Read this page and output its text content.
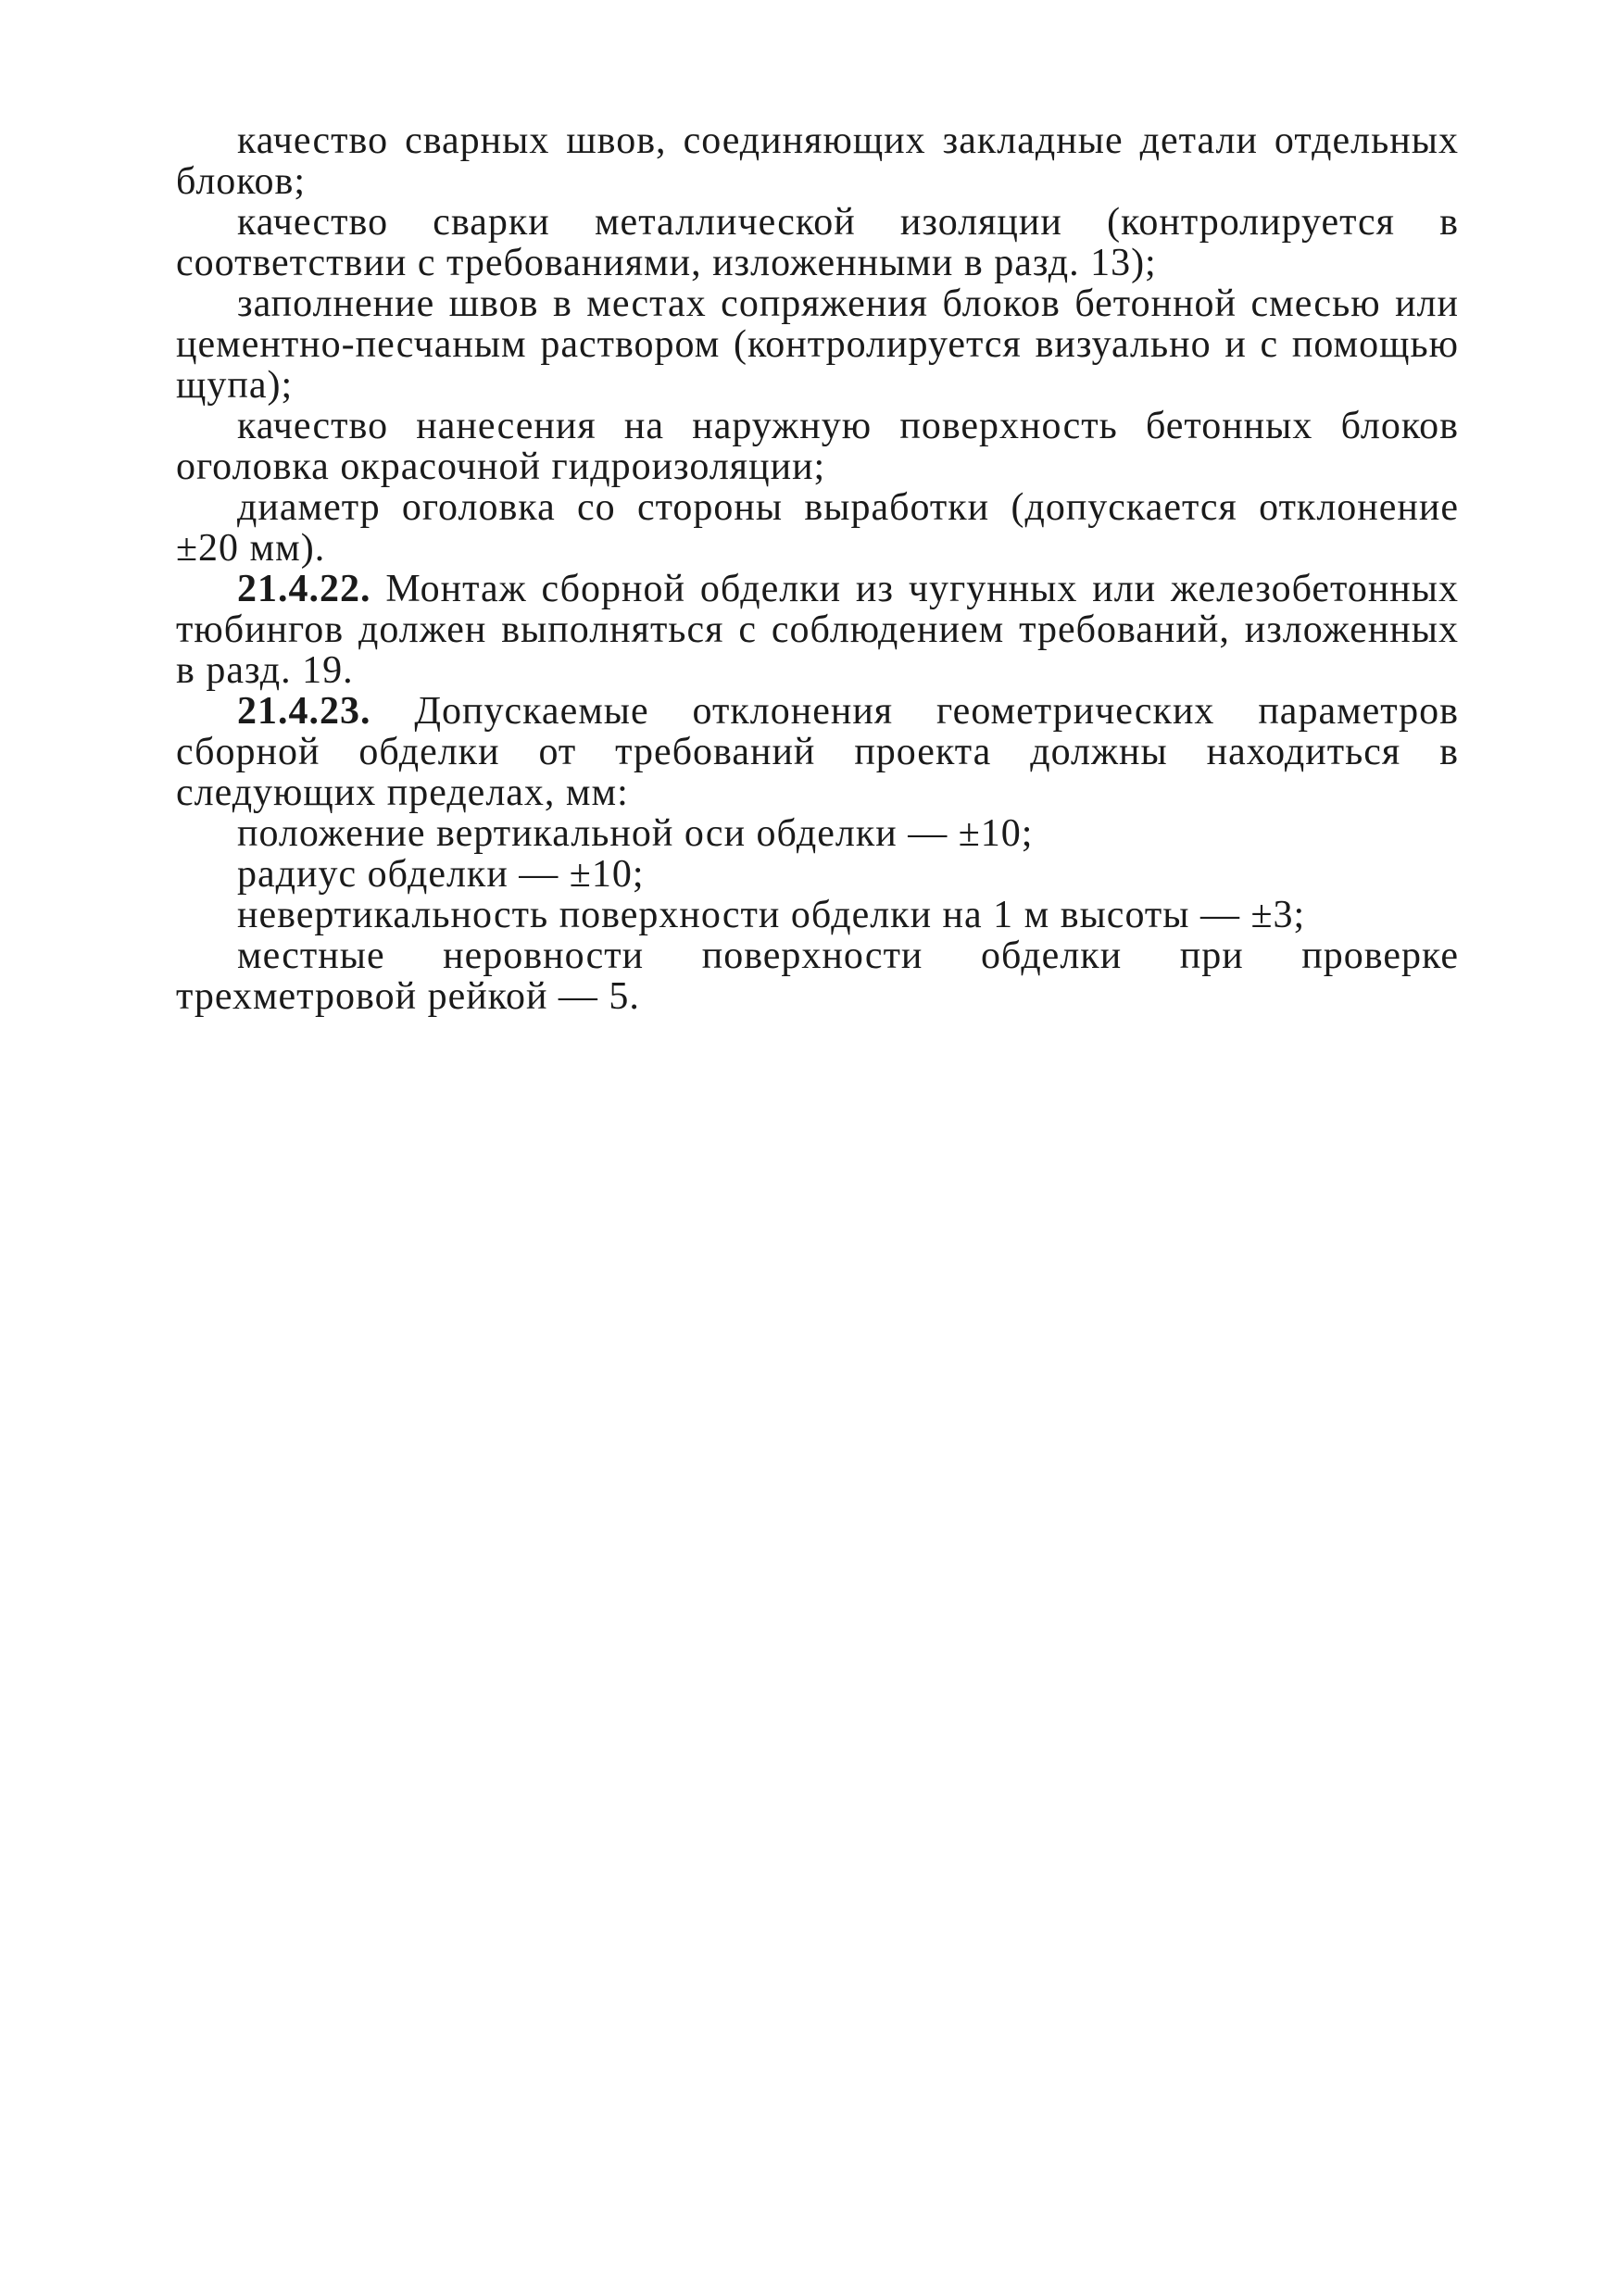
качество сварных швов, соединяющих закладные детали отдельных блоков;

качество сварки металлической изоляции (контролируется в соответствии с требованиями, изложенными в разд. 13);

заполнение швов в местах сопряжения блоков бетонной смесью или цементно-песчаным раствором (контролируется визуально и с помощью щупа);

качество нанесения на наружную поверхность бетонных блоков оголовка окрасочной гидроизоляции;

диаметр оголовка со стороны выработки (допускается отклонение ±20 мм).

21.4.22. Монтаж сборной обделки из чугунных или железобетонных тюбингов должен выполняться с соблюдением требований, изложенных в разд. 19.

21.4.23. Допускаемые отклонения геометрических параметров сборной обделки от требований проекта должны находиться в следующих пределах, мм:

положение вертикальной оси обделки — ±10;

радиус обделки — ±10;

невертикальность поверхности обделки на 1 м высоты — ±3;

местные неровности поверхности обделки при проверке трехметровой рейкой — 5.
